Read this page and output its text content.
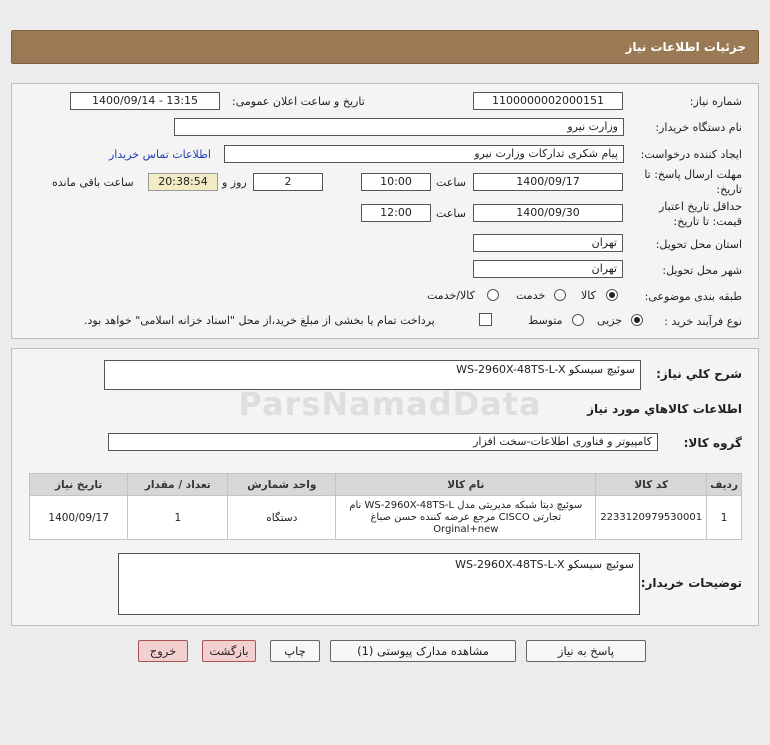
جزئیات اطلاعات نیاز
شماره نیاز:
1100000002000151
تاریخ و ساعت اعلان عمومی:
1400/09/14 - 13:15
نام دستگاه خریدار:
وزارت نیرو
ایجاد کننده درخواست:
پیام شکری تدارکات وزارت نیرو
اطلاعات تماس خریدار
مهلت ارسال پاسخ: تا
تاریخ:
1400/09/17
ساعت
10:00
2
روز و
20:38:54
ساعت باقی مانده
حداقل تاریخ اعتبار
قیمت: تا تاریخ:
1400/09/30
ساعت
12:00
استان محل تحویل:
تهران
شهر محل تحویل:
تهران
طبقه بندی موضوعی:
کالا
خدمت
کالا/خدمت
نوع فرآیند خرید :
جزیی
متوسط
پرداخت تمام یا بخشی از مبلغ خرید،از محل "اسناد خزانه اسلامی" خواهد بود.
شرح کلي نياز:
سوئیچ سیسکو WS-2960X-48TS-L-X
اطلاعات کالاهاي مورد نياز
گروه کالا:
کامپیوتر و فناوری اطلاعات-سخت افزار
ردیف	کد کالا	نام کالا	واحد شمارش	تعداد / مقدار	تاریخ نیاز
1	2233120979530001	سوئیچ دیتا شبکه مدیریتی مدل WS-2960X-48TS-L نام تجارتی CISCO مرجع عرضه کننده حسن صباغ Orginal+new	دستگاه	1	1400/09/17
توضیحات خریدار:
سوئیچ سیسکو WS-2960X-48TS-L-X
پاسخ به نیاز
مشاهده مدارک پیوستی (1)
چاپ
بازگشت
خروج
